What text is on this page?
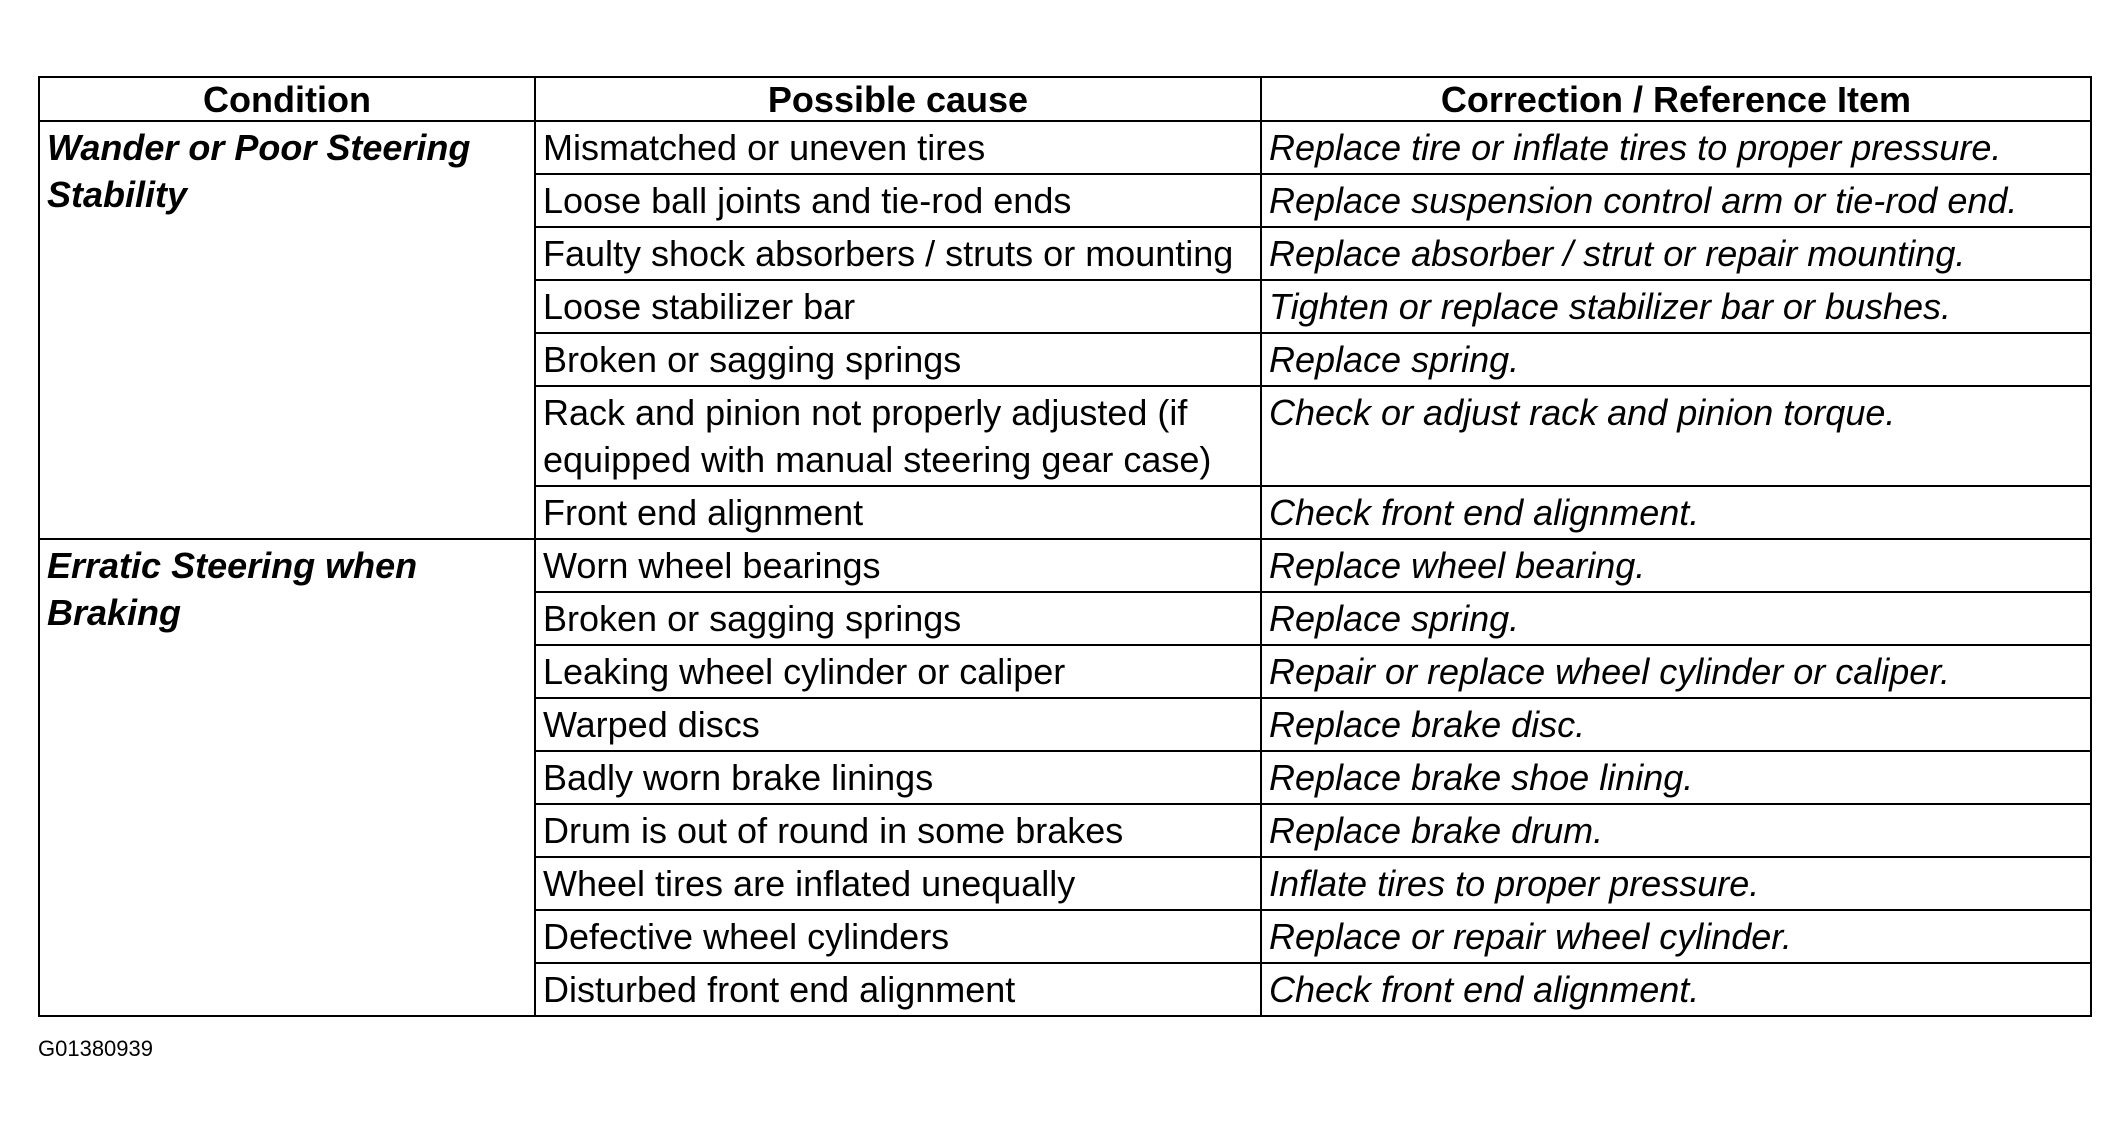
Condition	Possible cause	Correction / Reference Item
Wander or Poor Steering Stability	Mismatched or uneven tires	Replace tire or inflate tires to proper pressure.
	Loose ball joints and tie-rod ends	Replace suspension control arm or tie-rod end.
	Faulty shock absorbers / struts or mounting	Replace absorber / strut or repair mounting.
	Loose stabilizer bar	Tighten or replace stabilizer bar or bushes.
	Broken or sagging springs	Replace spring.
	Rack and pinion not properly adjusted (if equipped with manual steering gear case)	Check or adjust rack and pinion torque.
	Front end alignment	Check front end alignment.
Erratic Steering when Braking	Worn wheel bearings	Replace wheel bearing.
	Broken or sagging springs	Replace spring.
	Leaking wheel cylinder or caliper	Repair or replace wheel cylinder or caliper.
	Warped discs	Replace brake disc.
	Badly worn brake linings	Replace brake shoe lining.
	Drum is out of round in some brakes	Replace brake drum.
	Wheel tires are inflated unequally	Inflate tires to proper pressure.
	Defective wheel cylinders	Replace or repair wheel cylinder.
	Disturbed front end alignment	Check front end alignment.
G01380939
